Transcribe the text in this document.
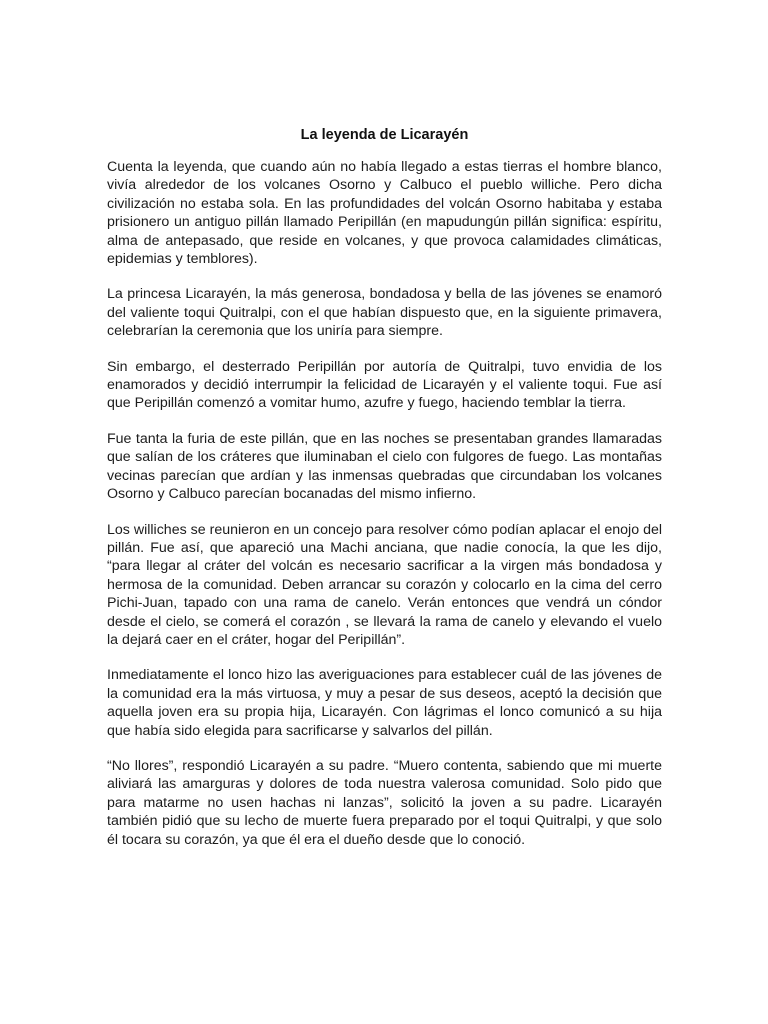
La leyenda de Licarayén

Cuenta la leyenda, que cuando aún no había llegado a estas tierras el hombre blanco, vivía alrededor de los volcanes Osorno y Calbuco el pueblo williche. Pero dicha civilización no estaba sola. En las profundidades del volcán Osorno habitaba y estaba prisionero un antiguo pillán llamado Peripillán (en mapudungún pillán significa: espíritu, alma de antepasado, que reside en volcanes, y que provoca calamidades climáticas, epidemias y temblores).

La princesa Licarayén, la más generosa, bondadosa y bella de las jóvenes se enamoró del valiente toqui Quitralpi, con el que habían dispuesto que, en la siguiente primavera, celebrarían la ceremonia que los uniría para siempre.

Sin embargo, el desterrado Peripillán por autoría de Quitralpi, tuvo envidia de los enamorados y decidió interrumpir la felicidad de Licarayén y el valiente toqui. Fue así que Peripillán comenzó a vomitar humo, azufre y fuego, haciendo temblar la tierra.

Fue tanta la furia de este pillán, que en las noches se presentaban grandes llamaradas que salían de los cráteres que iluminaban el cielo con fulgores de fuego. Las montañas vecinas parecían que ardían y las inmensas quebradas que circundaban los volcanes Osorno y Calbuco parecían bocanadas del mismo infierno.

Los williches se reunieron en un concejo para resolver cómo podían aplacar el enojo del pillán. Fue así, que apareció una Machi anciana, que nadie conocía, la que les dijo, “para llegar al cráter del volcán es necesario sacrificar a la virgen más bondadosa y hermosa de la comunidad. Deben arrancar su corazón y colocarlo en la cima del cerro Pichi-Juan, tapado con una rama de canelo. Verán entonces que vendrá un cóndor desde el cielo, se comerá el corazón , se llevará la rama de canelo y elevando el vuelo la dejará caer en el cráter, hogar del Peripillán”.

Inmediatamente el lonco hizo las averiguaciones para establecer cuál de las jóvenes de la comunidad era la más virtuosa, y muy a pesar de sus deseos, aceptó la decisión que aquella joven era su propia hija, Licarayén. Con lágrimas el lonco comunicó a su hija que había sido elegida para sacrificarse y salvarlos del pillán.

“No llores”, respondió Licarayén a su padre. “Muero contenta, sabiendo que mi muerte aliviará las amarguras y dolores de toda nuestra valerosa comunidad. Solo pido que para matarme no usen hachas ni lanzas”, solicitó la joven a su padre. Licarayén también pidió que su lecho de muerte fuera preparado por el toqui Quitralpi, y que solo él tocara su corazón, ya que él era el dueño desde que lo conoció.
